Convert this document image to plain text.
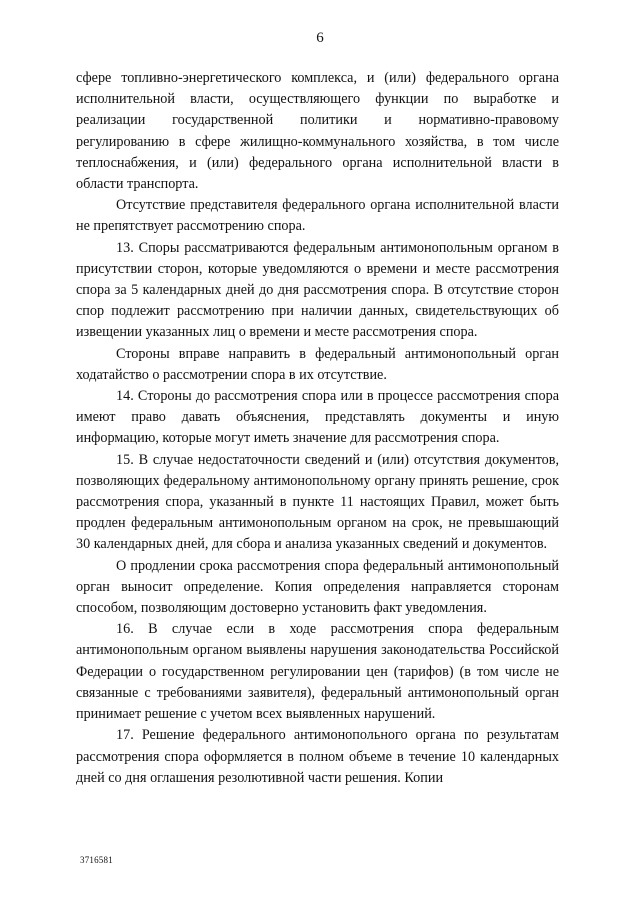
6

сфере топливно-энергетического комплекса, и (или) федерального органа исполнительной власти, осуществляющего функции по выработке и реализации государственной политики и нормативно-правовому регулированию в сфере жилищно-коммунального хозяйства, в том числе теплоснабжения, и (или) федерального органа исполнительной власти в области транспорта.

Отсутствие представителя федерального органа исполнительной власти не препятствует рассмотрению спора.

13. Споры рассматриваются федеральным антимонопольным органом в присутствии сторон, которые уведомляются о времени и месте рассмотрения спора за 5 календарных дней до дня рассмотрения спора. В отсутствие сторон спор подлежит рассмотрению при наличии данных, свидетельствующих об извещении указанных лиц о времени и месте рассмотрения спора.

Стороны вправе направить в федеральный антимонопольный орган ходатайство о рассмотрении спора в их отсутствие.

14. Стороны до рассмотрения спора или в процессе рассмотрения спора имеют право давать объяснения, представлять документы и иную информацию, которые могут иметь значение для рассмотрения спора.

15. В случае недостаточности сведений и (или) отсутствия документов, позволяющих федеральному антимонопольному органу принять решение, срок рассмотрения спора, указанный в пункте 11 настоящих Правил, может быть продлен федеральным антимонопольным органом на срок, не превышающий 30 календарных дней, для сбора и анализа указанных сведений и документов.

О продлении срока рассмотрения спора федеральный антимонопольный орган выносит определение. Копия определения направляется сторонам способом, позволяющим достоверно установить факт уведомления.

16. В случае если в ходе рассмотрения спора федеральным антимонопольным органом выявлены нарушения законодательства Российской Федерации о государственном регулировании цен (тарифов) (в том числе не связанные с требованиями заявителя), федеральный антимонопольный орган принимает решение с учетом всех выявленных нарушений.

17. Решение федерального антимонопольного органа по результатам рассмотрения спора оформляется в полном объеме в течение 10 календарных дней со дня оглашения резолютивной части решения. Копии

3716581
